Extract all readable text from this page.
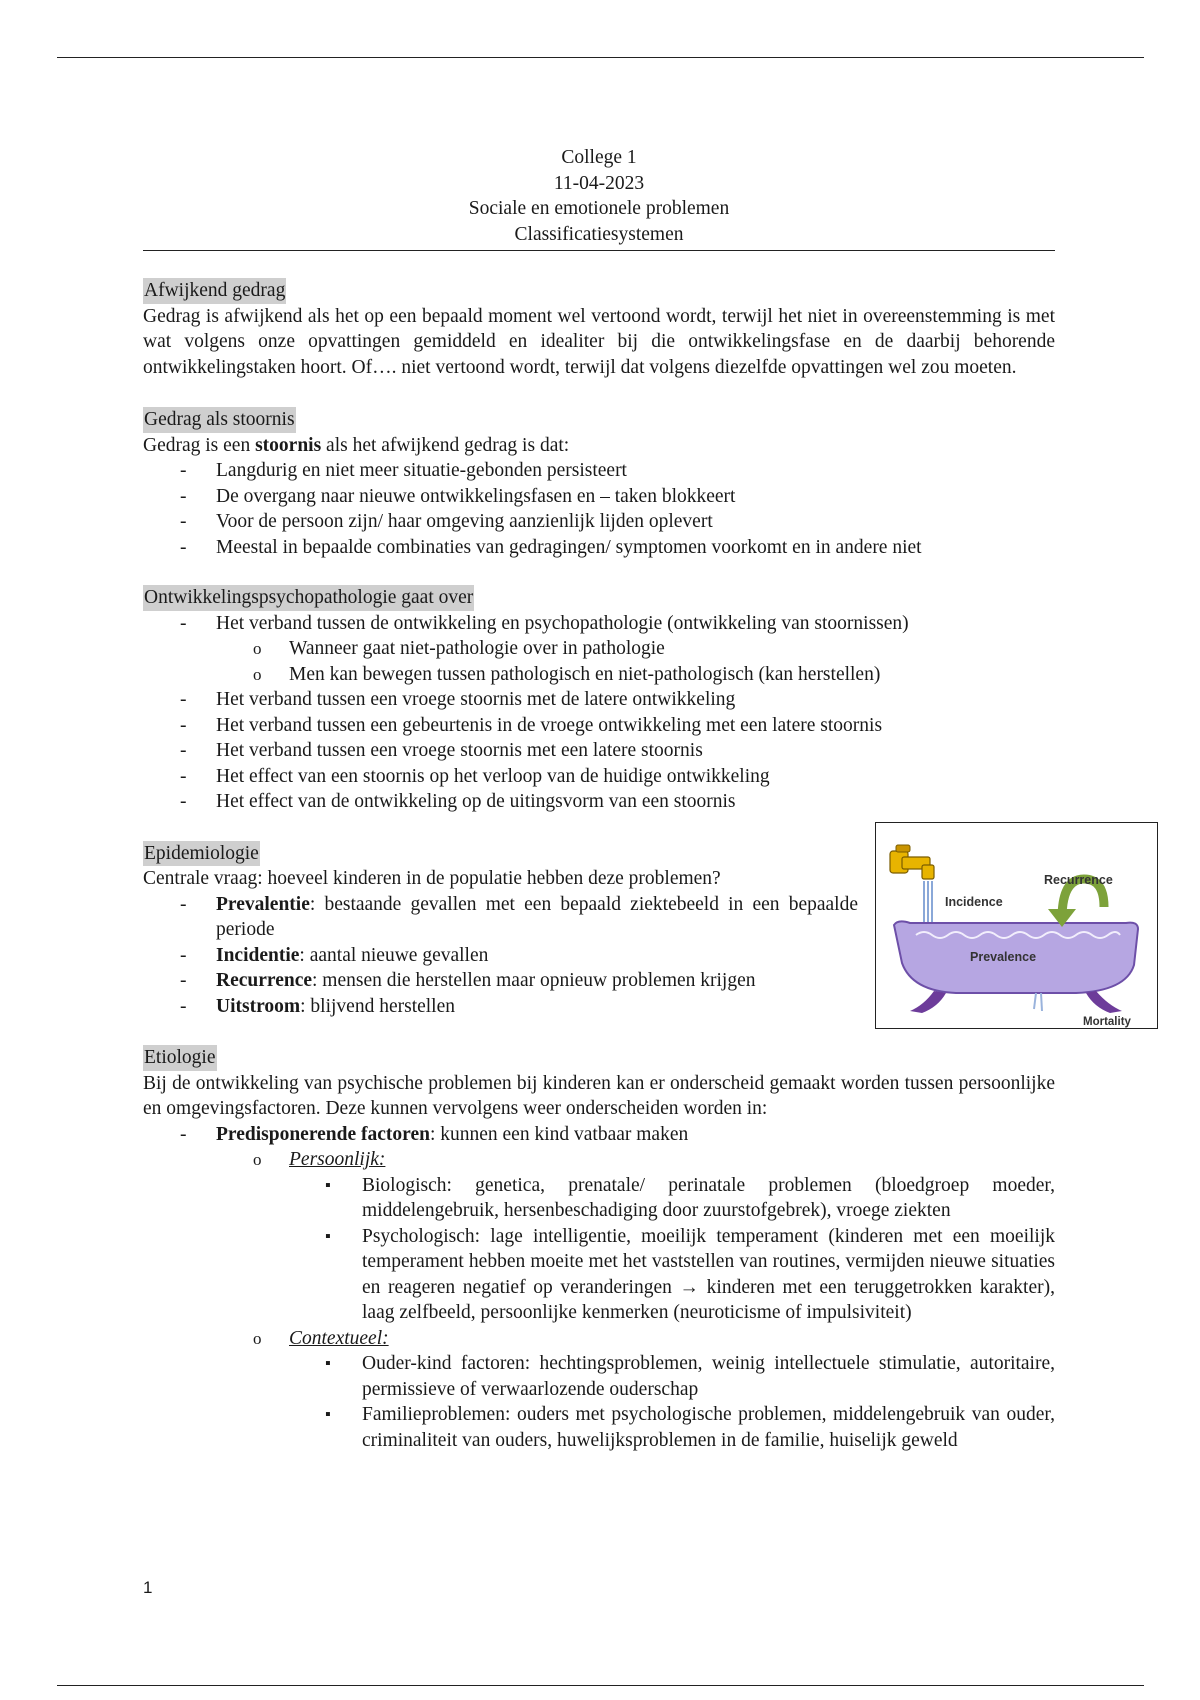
College 1
11-04-2023
Sociale en emotionele problemen
Classificatiesystemen
Afwijkend gedrag

Gedrag is afwijkend als het op een bepaald moment wel vertoond wordt, terwijl het niet in overeenstemming is met wat volgens onze opvattingen gemiddeld en idealiter bij die ontwikkelingsfase en de daarbij behorende ontwikkelingstaken hoort. Of…. niet vertoond wordt, terwijl dat volgens diezelfde opvattingen wel zou moeten.

Gedrag als stoornis

Gedrag is een stoornis als het afwijkend gedrag is dat:

- Langdurig en niet meer situatie-gebonden persisteert
- De overgang naar nieuwe ontwikkelingsfasen en – taken blokkeert
- Voor de persoon zijn/ haar omgeving aanzienlijk lijden oplevert
- Meestal in bepaalde combinaties van gedragingen/ symptomen voorkomt en in andere niet
Ontwikkelingspsychopathologie gaat over
- Het verband tussen de ontwikkeling en psychopathologie (ontwikkeling van stoornissen)
o Wanneer gaat niet-pathologie over in pathologie
o Men kan bewegen tussen pathologisch en niet-pathologisch (kan herstellen)
- Het verband tussen een vroege stoornis met de latere ontwikkeling
- Het verband tussen een gebeurtenis in de vroege ontwikkeling met een latere stoornis
- Het verband tussen een vroege stoornis met een latere stoornis
- Het effect van een stoornis op het verloop van de huidige ontwikkeling
- Het effect van de ontwikkeling op de uitingsvorm van een stoornis
Epidemiologie

Centrale vraag: hoeveel kinderen in de populatie hebben deze problemen?

- Prevalentie: bestaande gevallen met een bepaald ziektebeeld in een bepaalde periode
- Incidentie: aantal nieuwe gevallen
- Recurrence: mensen die herstellen maar opnieuw problemen krijgen
- Uitstroom: blijvend herstellen
Incidence
Recurrence
Prevalence
Mortality
Etiologie

Bij de ontwikkeling van psychische problemen bij kinderen kan er onderscheid gemaakt worden tussen persoonlijke en omgevingsfactoren. Deze kunnen vervolgens weer onderscheiden worden in:

- Predisponerende factoren: kunnen een kind vatbaar maken
o Persoonlijk:
▪ Biologisch: genetica, prenatale/ perinatale problemen (bloedgroep moeder, middelengebruik, hersenbeschadiging door zuurstofgebrek), vroege ziekten
▪ Psychologisch: lage intelligentie, moeilijk temperament (kinderen met een moeilijk temperament hebben moeite met het vaststellen van routines, vermijden nieuwe situaties en reageren negatief op veranderingen → kinderen met een teruggetrokken karakter), laag zelfbeeld, persoonlijke kenmerken (neuroticisme of impulsiviteit)
o Contextueel:
▪ Ouder-kind factoren: hechtingsproblemen, weinig intellectuele stimulatie, autoritaire, permissieve of verwaarlozende ouderschap
▪ Familieproblemen: ouders met psychologische problemen, middelengebruik van ouder, criminaliteit van ouders, huwelijksproblemen in de familie, huiselijk geweld
1
